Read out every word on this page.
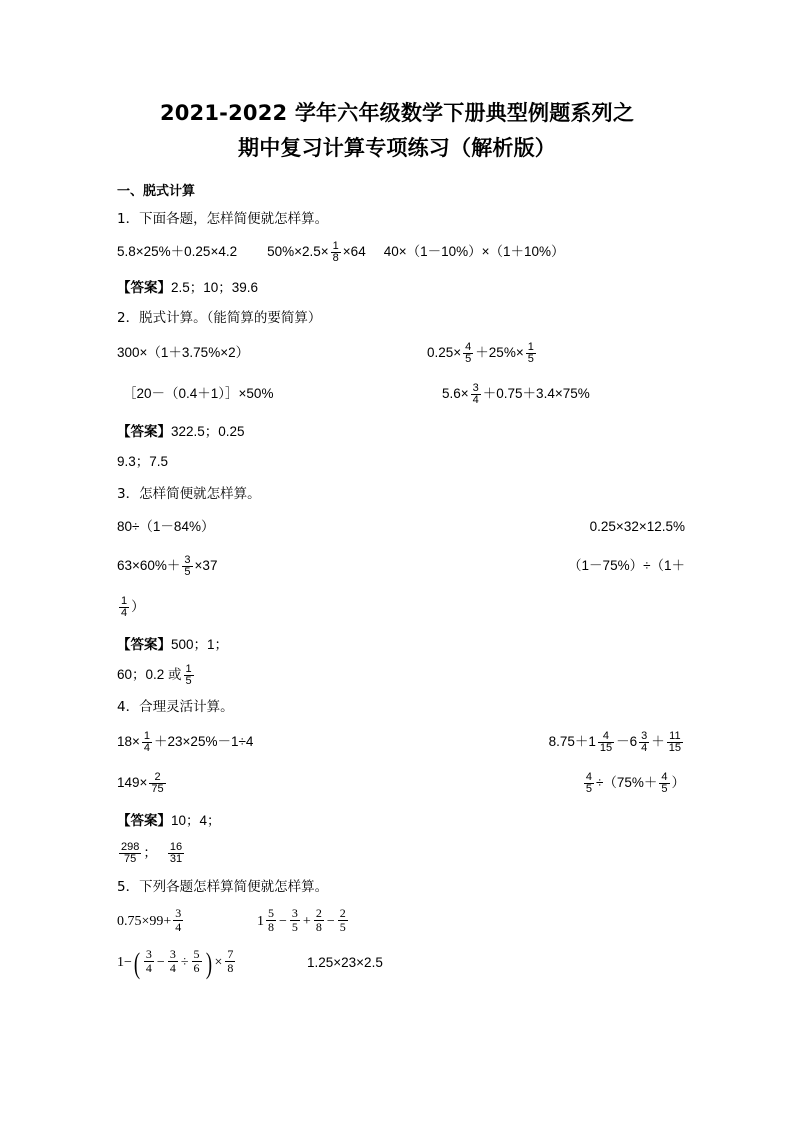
2021-2022 学年六年级数学下册典型例题系列之
期中复习计算专项练习（解析版）
一、脱式计算
1．下面各题，怎样简便就怎样算。
5.8×25%＋0.25×4.2 $50\%\times 2.5\times \frac{1}{8} \times 64$ 40×（1－10%）×（1＋10%）
【答案】2.5；10；39.6
2．脱式计算。（能简算的要简算）
300×（1＋3.75%×2）	$0.25\times \frac{4}{5} +25\%\times \frac{1}{5}$
［20－（0.4＋1）］×50%	$5.6\times \frac{3}{4} +0.75+3.4\times 75\%$
【答案】322.5；0.25
9.3；7.5
3．怎样简便就怎样算。
80÷（1－84%）	0.25×32×12.5%
$63\times 60\%+ \frac{3}{5} \times 37$	（1－75%）÷（1＋
$\frac{1}{4}$ ）
【答案】500；1；
60；0.2 或 $\frac{1}{5}$
4．合理灵活计算。
$18\times \frac{1}{4} +23\times 25\%-1\div 4$	$8.75+1 \frac{4}{15} -6 \frac{3}{4} + \frac{11}{15}$
$149\times \frac{2}{75}$	$\frac{4}{5} \div(75\%+ \frac{4}{5}$ ）
【答案】10；4；
$\frac{298}{75}$ ； $\frac{16}{31}$
5．下列各题怎样算简便就怎样算。
$0.75\times 99+ \frac{3}{4}$	$1 \frac{5}{8} - \frac{3}{5} + \frac{2}{8} - \frac{2}{5}$
$1-( \frac{3}{4} - \frac{3}{4} \div \frac{5}{6}$ ) × $\frac{7}{8}$	1.25×23×2.5
